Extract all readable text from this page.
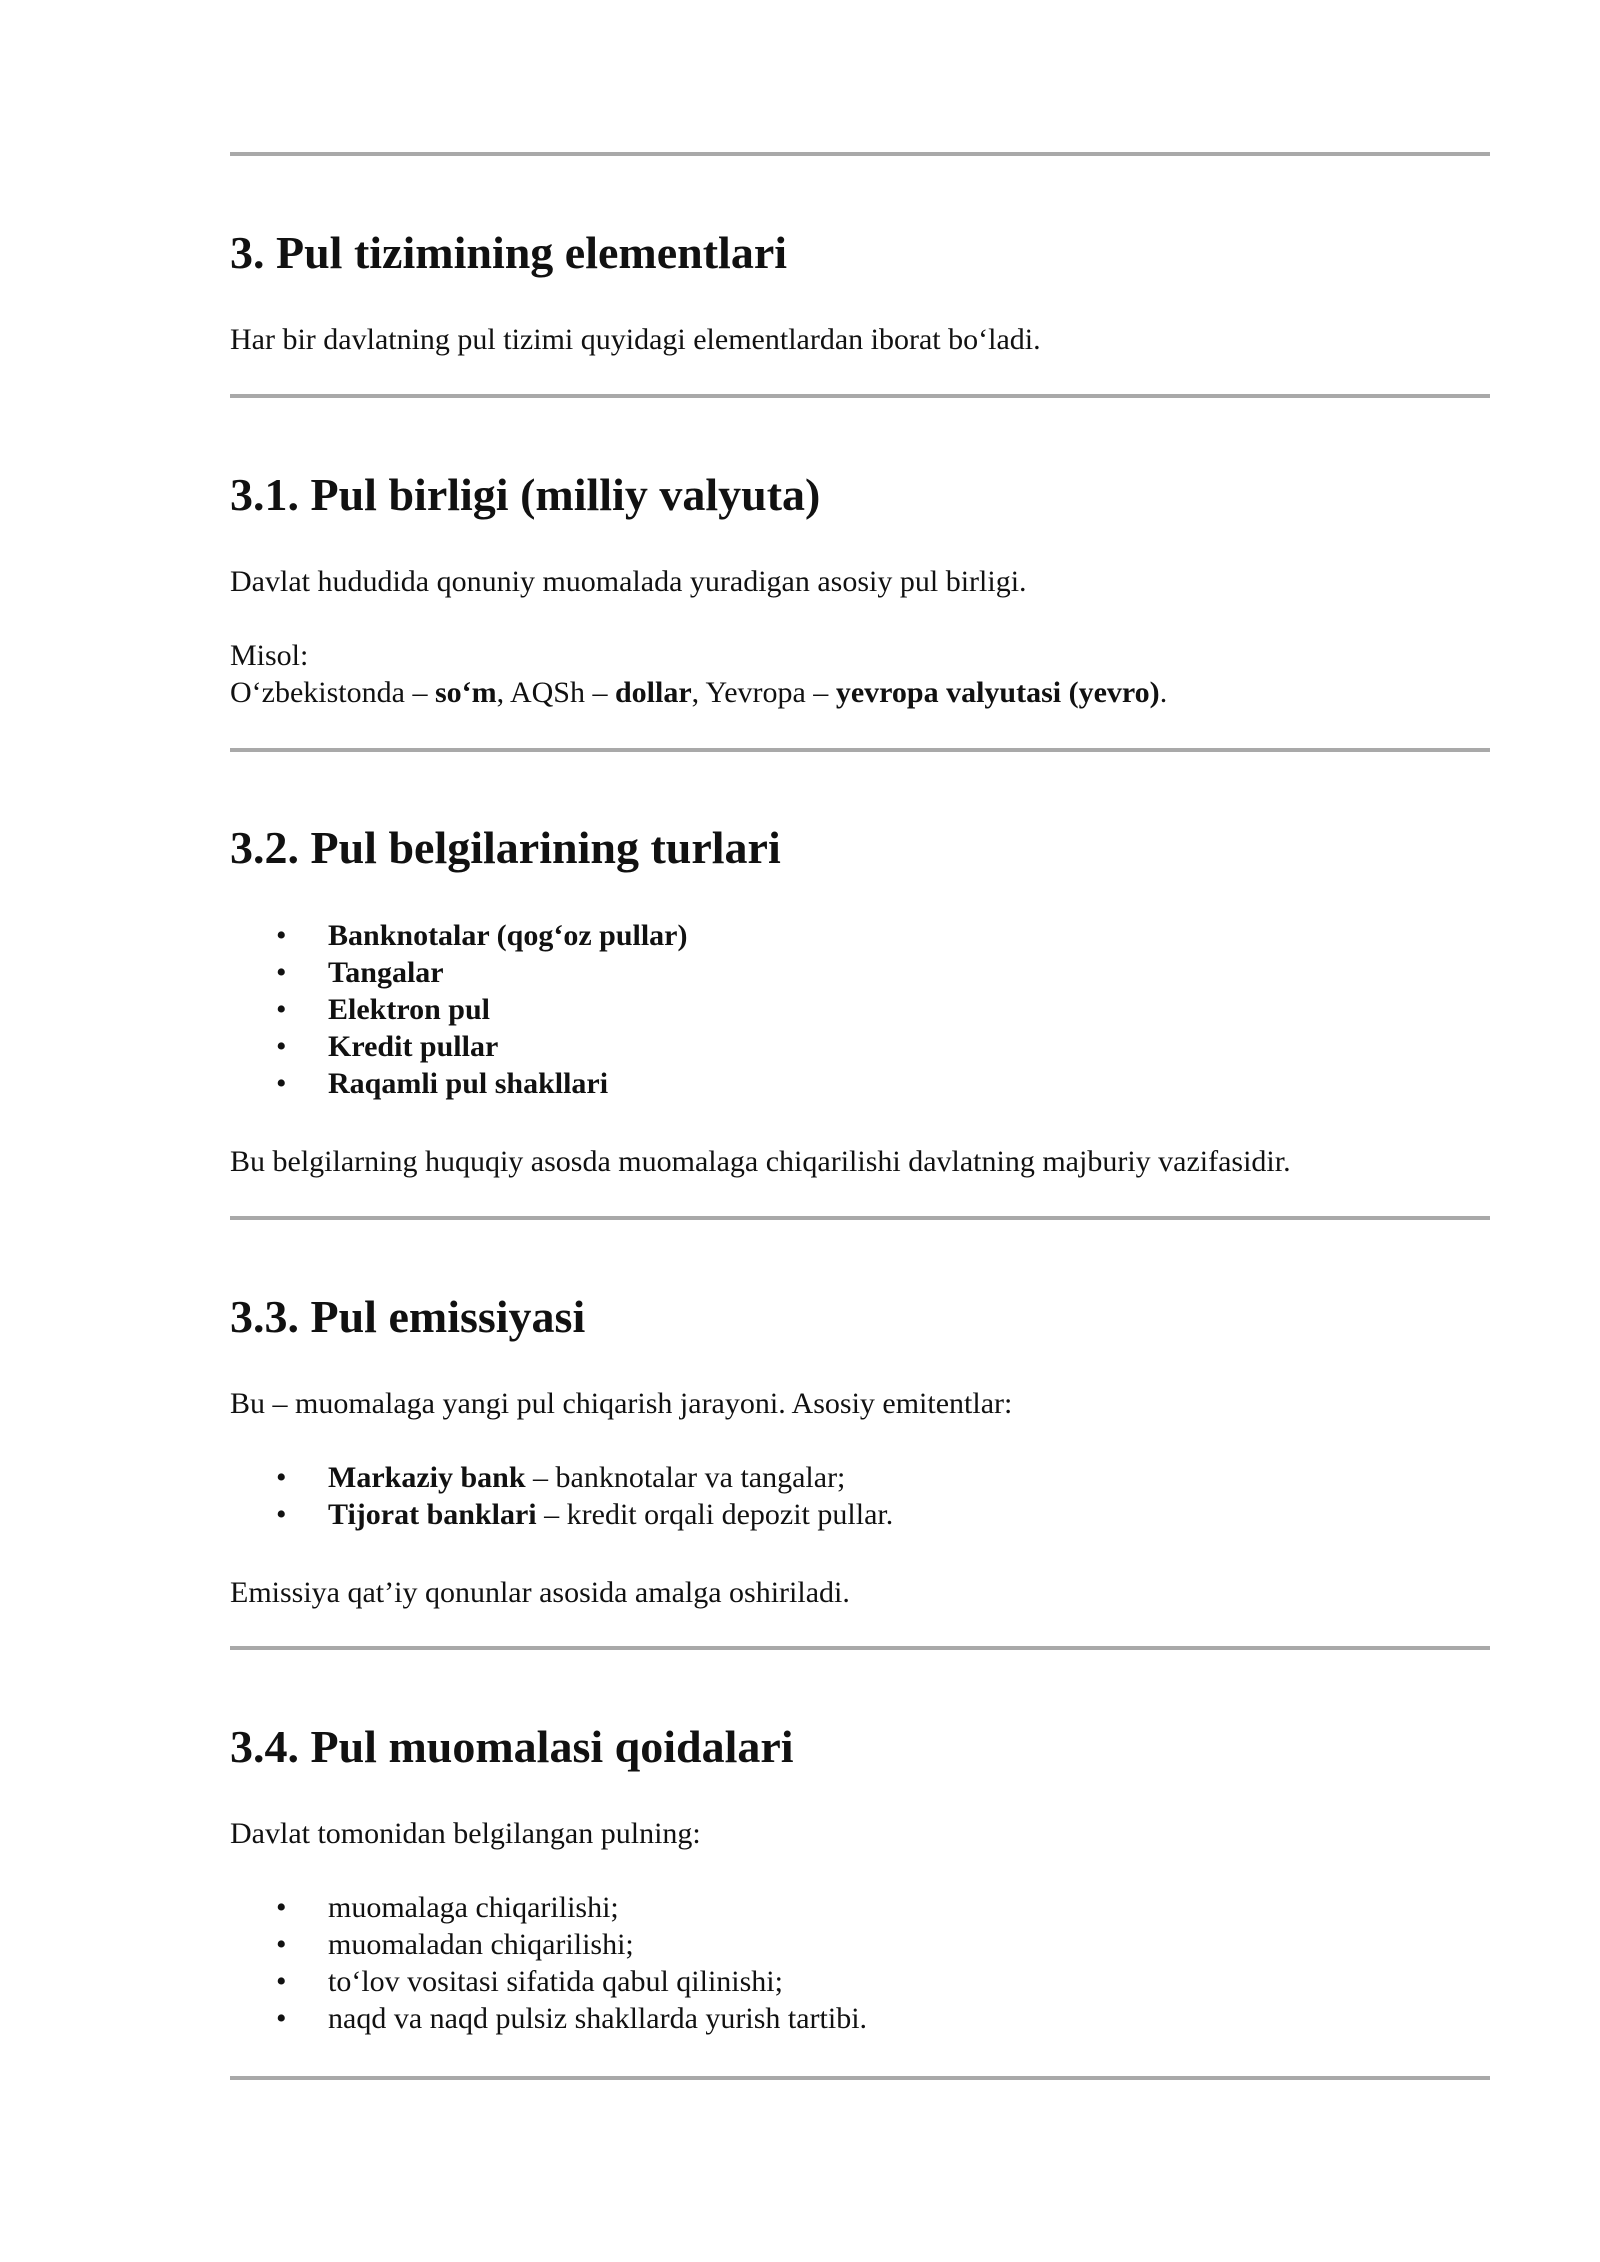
3. Pul tizimining elementlari

Har bir davlatning pul tizimi quyidagi elementlardan iborat bo‘ladi.

3.1. Pul birligi (milliy valyuta)

Davlat hududida qonuniy muomalada yuradigan asosiy pul birligi.

Misol:

O‘zbekistonda – so‘m, AQSh – dollar, Yevropa – yevropa valyutasi (yevro).

3.2. Pul belgilarining turlari
• Banknotalar (qog‘oz pullar)
• Tangalar
• Elektron pul
• Kredit pullar
• Raqamli pul shakllari

Bu belgilarning huquqiy asosda muomalaga chiqarilishi davlatning majburiy vazifasidir.

3.3. Pul emissiyasi

Bu – muomalaga yangi pul chiqarish jarayoni. Asosiy emitentlar:

• Markaziy bank – banknotalar va tangalar;
• Tijorat banklari – kredit orqali depozit pullar.

Emissiya qat’iy qonunlar asosida amalga oshiriladi.

3.4. Pul muomalasi qoidalari

Davlat tomonidan belgilangan pulning:

• muomalaga chiqarilishi;
• muomaladan chiqarilishi;
• to‘lov vositasi sifatida qabul qilinishi;
• naqd va naqd pulsiz shakllarda yurish tartibi.
